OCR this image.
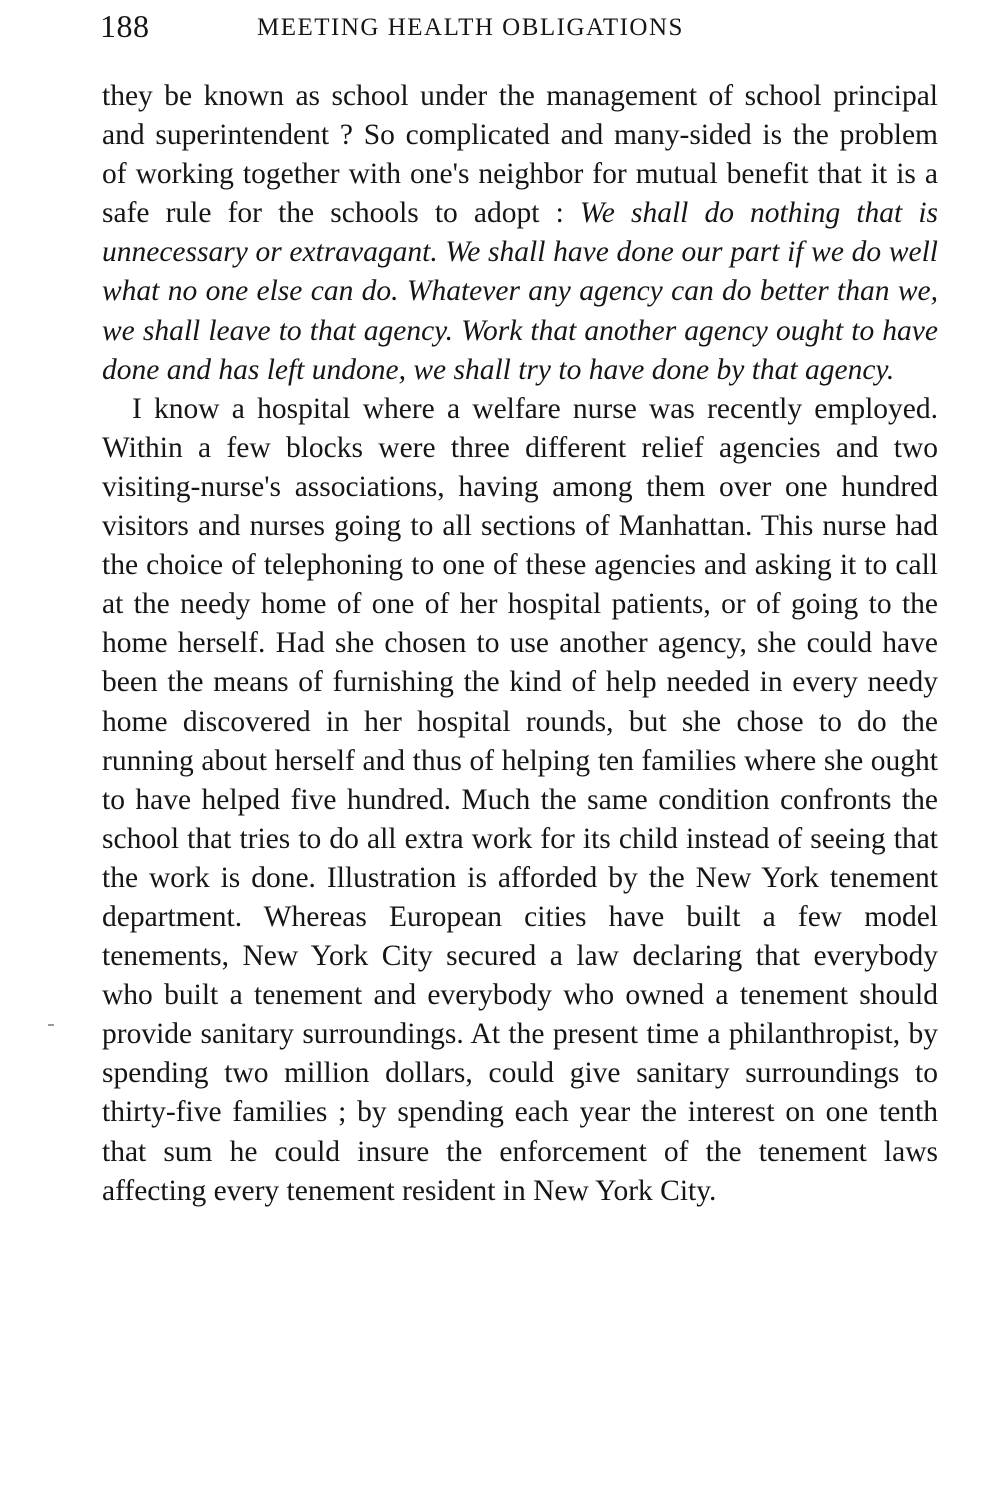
188	MEETING HEALTH OBLIGATIONS

they be known as school under the management of school principal and superintendent ? So complicated and many-sided is the problem of working together with one's neighbor for mutual benefit that it is a safe rule for the schools to adopt : We shall do nothing that is unnecessary or extravagant. We shall have done our part if we do well what no one else can do. Whatever any agency can do better than we, we shall leave to that agency. Work that another agency ought to have done and has left undone, we shall try to have done by that agency.

I know a hospital where a welfare nurse was recently employed. Within a few blocks were three different relief agencies and two visiting-nurse's associations, having among them over one hundred visitors and nurses going to all sections of Manhattan. This nurse had the choice of telephoning to one of these agencies and asking it to call at the needy home of one of her hospital patients, or of going to the home herself. Had she chosen to use another agency, she could have been the means of furnishing the kind of help needed in every needy home discovered in her hospital rounds, but she chose to do the running about herself and thus of helping ten families where she ought to have helped five hundred. Much the same condition confronts the school that tries to do all extra work for its child instead of seeing that the work is done. Illustration is afforded by the New York tenement department. Whereas European cities have built a few model tenements, New York City secured a law declaring that everybody who built a tenement and everybody who owned a tenement should provide sanitary surroundings. At the present time a philanthropist, by spending two million dollars, could give sanitary surroundings to thirty-five families ; by spending each year the interest on one tenth that sum he could insure the enforcement of the tenement laws affecting every tenement resident in New York City.
